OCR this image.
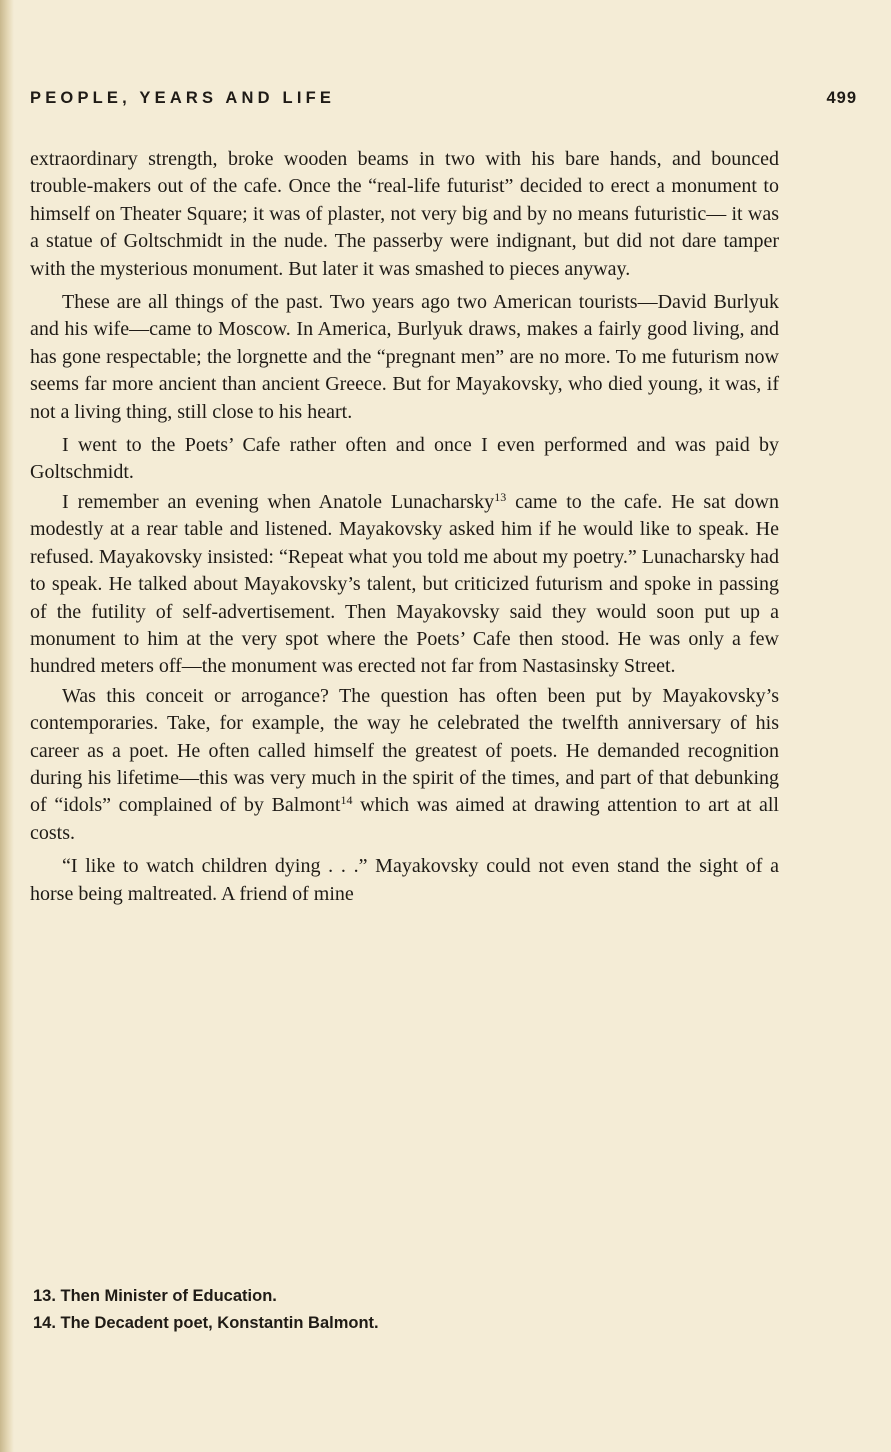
PEOPLE, YEARS AND LIFE	499

extraordinary strength, broke wooden beams in two with his bare hands, and bounced trouble-makers out of the cafe. Once the “real-life futurist” decided to erect a monument to himself on Theater Square; it was of plaster, not very big and by no means futuristic— it was a statue of Goltschmidt in the nude. The passerby were indignant, but did not dare tamper with the mysterious monument. But later it was smashed to pieces anyway.

These are all things of the past. Two years ago two American tourists—David Burlyuk and his wife—came to Moscow. In America, Burlyuk draws, makes a fairly good living, and has gone respectable; the lorgnette and the “pregnant men” are no more. To me futurism now seems far more ancient than ancient Greece. But for Mayakovsky, who died young, it was, if not a living thing, still close to his heart.

I went to the Poets’ Cafe rather often and once I even performed and was paid by Goltschmidt.

I remember an evening when Anatole Lunacharsky$^{13}$ came to the cafe. He sat down modestly at a rear table and listened. Mayakovsky asked him if he would like to speak. He refused. Mayakovsky insisted: “Repeat what you told me about my poetry.” Lunacharsky had to speak. He talked about Mayakovsky’s talent, but criticized futurism and spoke in passing of the futility of self-advertisement. Then Mayakovsky said they would soon put up a monument to him at the very spot where the Poets’ Cafe then stood. He was only a few hundred meters off—the monument was erected not far from Nastasinsky Street.

Was this conceit or arrogance? The question has often been put by Mayakovsky’s contemporaries. Take, for example, the way he celebrated the twelfth anniversary of his career as a poet. He often called himself the greatest of poets. He demanded recognition during his lifetime—this was very much in the spirit of the times, and part of that debunking of “idols” complained of by Balmont$^{14}$ which was aimed at drawing attention to art at all costs.

“I like to watch children dying . . .” Mayakovsky could not even stand the sight of a horse being maltreated. A friend of mine

13. Then Minister of Education.

14. The Decadent poet, Konstantin Balmont.
